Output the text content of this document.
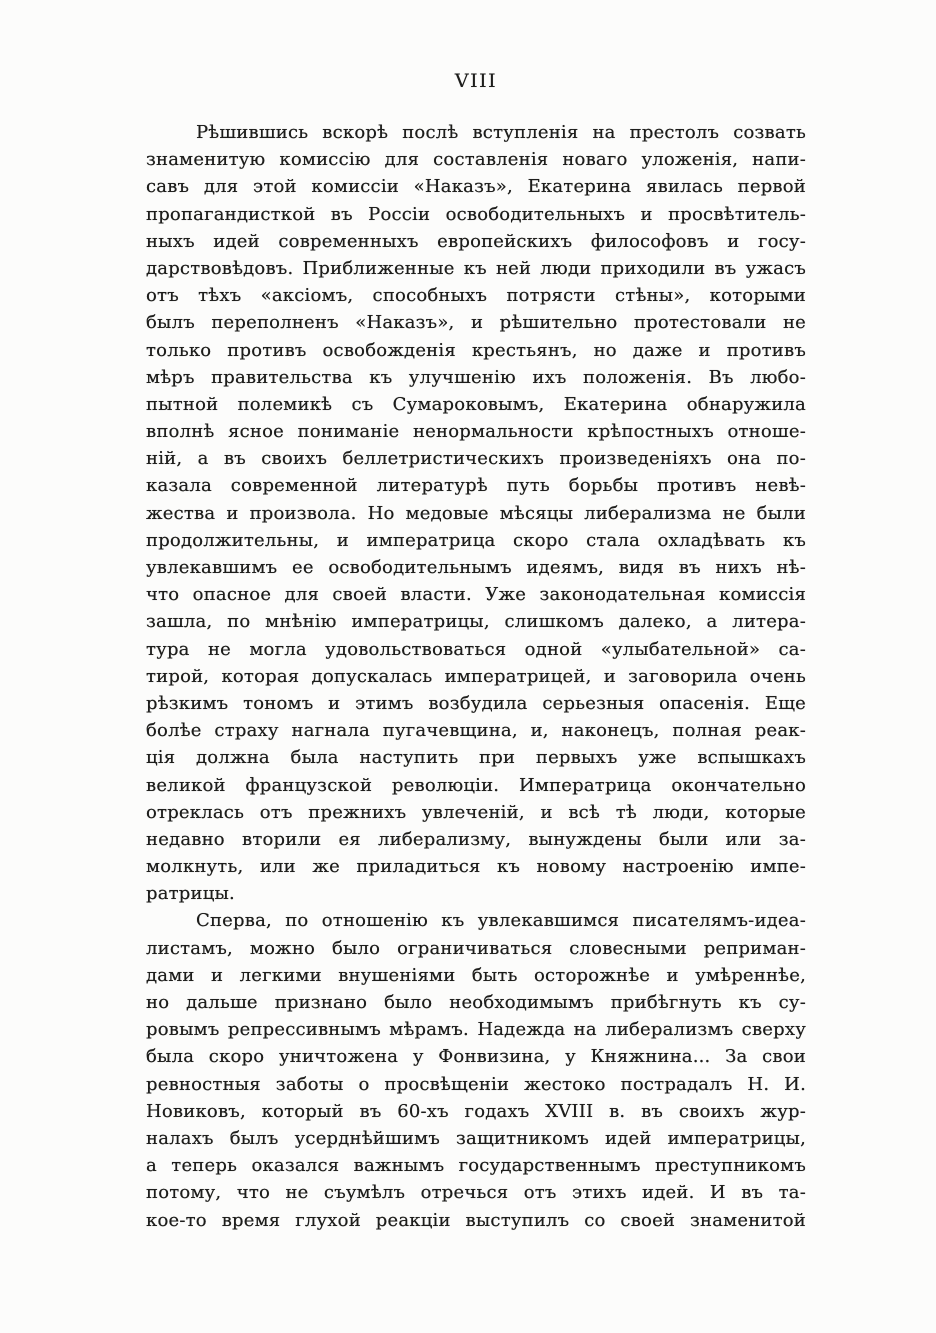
VIII
Рѣшившись вскорѣ послѣ вступленія на престолъ созвать
знаменитую комиссію для составленія новаго уложенія, напи-
савъ для этой комиссіи «Наказъ», Екатерина явилась первой
пропагандисткой въ Россіи освободительныхъ и просвѣтитель-
ныхъ идей современныхъ европейскихъ философовъ и госу-
дарствовѣдовъ. Приближенные къ ней люди приходили въ ужасъ
отъ тѣхъ «аксіомъ, способныхъ потрясти стѣны», которыми
былъ переполненъ «Наказъ», и рѣшительно протестовали не
только противъ освобожденія крестьянъ, но даже и противъ
мѣръ правительства къ улучшенію ихъ положенія. Въ любо-
пытной полемикѣ съ Сумароковымъ, Екатерина обнаружила
вполнѣ ясное пониманіе ненормальности крѣпостныхъ отноше-
ній, а въ своихъ беллетристическихъ произведеніяхъ она по-
казала современной литературѣ путь борьбы противъ невѣ-
жества и произвола. Но медовые мѣсяцы либерализма не были
продолжительны, и императрица скоро стала охладѣвать къ
увлекавшимъ ее освободительнымъ идеямъ, видя въ нихъ нѣ-
что опасное для своей власти. Уже законодательная комиссія
зашла, по мнѣнію императрицы, слишкомъ далеко, а литера-
тура не могла удовольствоваться одной «улыбательной» са-
тирой, которая допускалась императрицей, и заговорила очень
рѣзкимъ тономъ и этимъ возбудила серьезныя опасенія. Еще
болѣе страху нагнала пугачевщина, и, наконецъ, полная реак-
ція должна была наступить при первыхъ уже вспышкахъ
великой французской революціи. Императрица окончательно
отреклась отъ прежнихъ увлеченій, и всѣ тѣ люди, которые
недавно вторили ея либерализму, вынуждены были или за-
молкнуть, или же приладиться къ новому настроенію импе-
ратрицы.
Сперва, по отношенію къ увлекавшимся писателямъ-идеа-
листамъ, можно было ограничиваться словесными реприман-
дами и легкими внушеніями быть осторожнѣе и умѣреннѣе,
но дальше признано было необходимымъ прибѣгнуть къ су-
ровымъ репрессивнымъ мѣрамъ. Надежда на либерализмъ сверху
была скоро уничтожена у Фонвизина, у Княжнина... За свои
ревностныя заботы о просвѣщеніи жестоко пострадалъ Н. И.
Новиковъ, который въ 60-хъ годахъ XVIII в. въ своихъ жур-
налахъ былъ усерднѣйшимъ защитникомъ идей императрицы,
а теперь оказался важнымъ государственнымъ преступникомъ
потому, что не съумѣлъ отречься отъ этихъ идей. И въ та-
кое-то время глухой реакціи выступилъ со своей знаменитой
